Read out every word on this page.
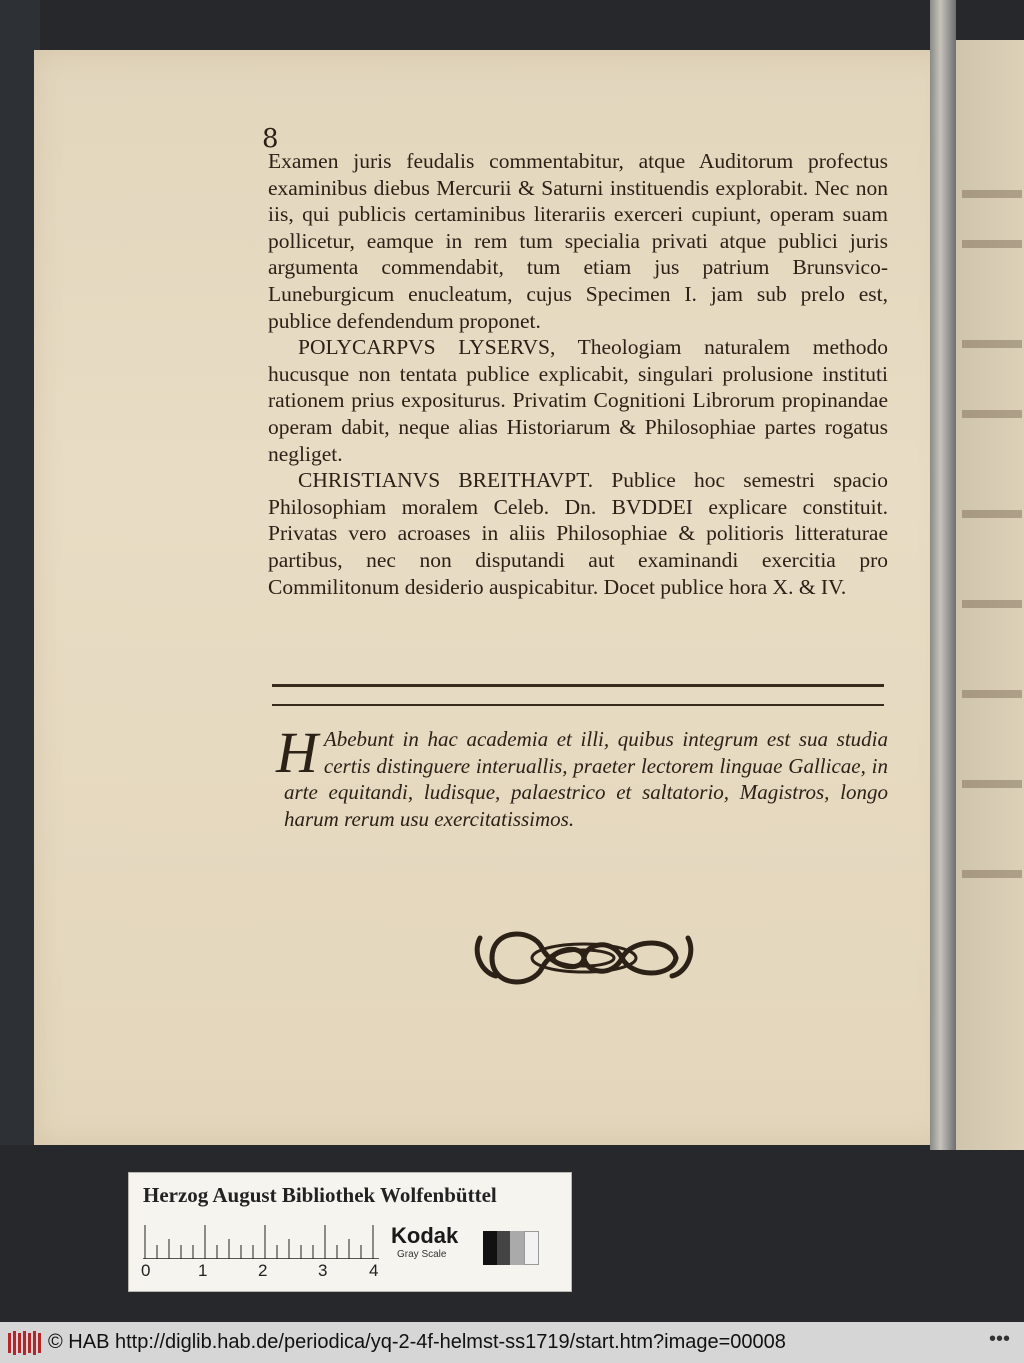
8

Examen juris feudalis commentabitur, atque Auditorum profectus examinibus diebus Mercurii & Saturni instituendis explorabit. Nec non iis, qui publicis certaminibus literariis exerceri cupiunt, operam suam pollicetur, eamque in rem tum specialia privati atque publici juris argumenta commendabit, tum etiam jus patrium Brunsvico-Luneburgicum enucleatum, cujus Specimen I. jam sub prelo est, publice defendendum proponet.

POLYCARPVS LYSERVS, Theologiam naturalem methodo hucusque non tentata publice explicabit, singulari prolusione instituti rationem prius expositurus. Privatim Cognitioni Librorum propinandae operam dabit, neque alias Historiarum & Philosophiae partes rogatus negliget.

CHRISTIANVS BREITHAVPT. Publice hoc semestri spacio Philosophiam moralem Celeb. Dn. BVDDEI explicare constituit. Privatas vero acroases in aliis Philosophiae & politioris litteraturae partibus, nec non disputandi aut examinandi exercitia pro Commilitonum desiderio auspicabitur. Docet publice hora X. & IV.

H Abebunt in hac academia et illi, quibus integrum est sua studia certis distinguere interuallis, praeter lectorem linguae Gallicae, in arte equitandi, ludisque, palaestrico et saltatorio, Magistros, longo harum rerum usu exercitatissimos.
Herzog August Bibliothek Wolfenbüttel
0	1	2	3 4
Kodak
Gray Scale
© HAB http://diglib.hab.de/periodica/yq-2-4f-helmst-ss1719/start.htm?image=00008	•••
